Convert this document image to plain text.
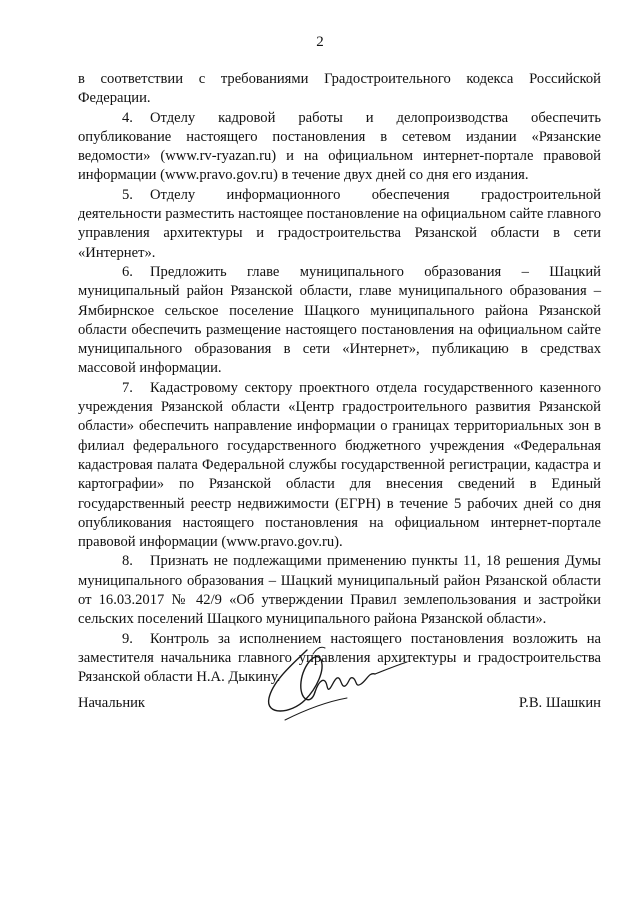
2

в соответствии с требованиями Градостроительного кодекса Российской Федерации.

4. Отделу кадровой работы и делопроизводства обеспечить опубликование настоящего постановления в сетевом издании «Рязанские ведомости» (www.rv-ryazan.ru) и на официальном интернет-портале правовой информации (www.pravo.gov.ru) в течение двух дней со дня его издания.

5. Отделу информационного обеспечения градостроительной деятельности разместить настоящее постановление на официальном сайте главного управления архитектуры и градостроительства Рязанской области в сети «Интернет».

6. Предложить главе муниципального образования – Шацкий муниципальный район Рязанской области, главе муниципального образования – Ямбирнское сельское поселение Шацкого муниципального района Рязанской области обеспечить размещение настоящего постановления на официальном сайте муниципального образования в сети «Интернет», публикацию в средствах массовой информации.

7. Кадастровому сектору проектного отдела государственного казенного учреждения Рязанской области «Центр градостроительного развития Рязанской области» обеспечить направление информации о границах территориальных зон в филиал федерального государственного бюджетного учреждения «Федеральная кадастровая палата Федеральной службы государственной регистрации, кадастра и картографии» по Рязанской области для внесения сведений в Единый государственный реестр недвижимости (ЕГРН) в течение 5 рабочих дней со дня опубликования настоящего постановления на официальном интернет-портале правовой информации (www.pravo.gov.ru).

8. Признать не подлежащими применению пункты 11, 18 решения Думы муниципального образования – Шацкий муниципальный район Рязанской области от 16.03.2017 № 42/9 «Об утверждении Правил землепользования и застройки сельских поселений Шацкого муниципального района Рязанской области».

9. Контроль за исполнением настоящего постановления возложить на заместителя начальника главного управления архитектуры и градостроительства Рязанской области Н.А. Дыкину.

Начальник	Р.В. Шашкин
